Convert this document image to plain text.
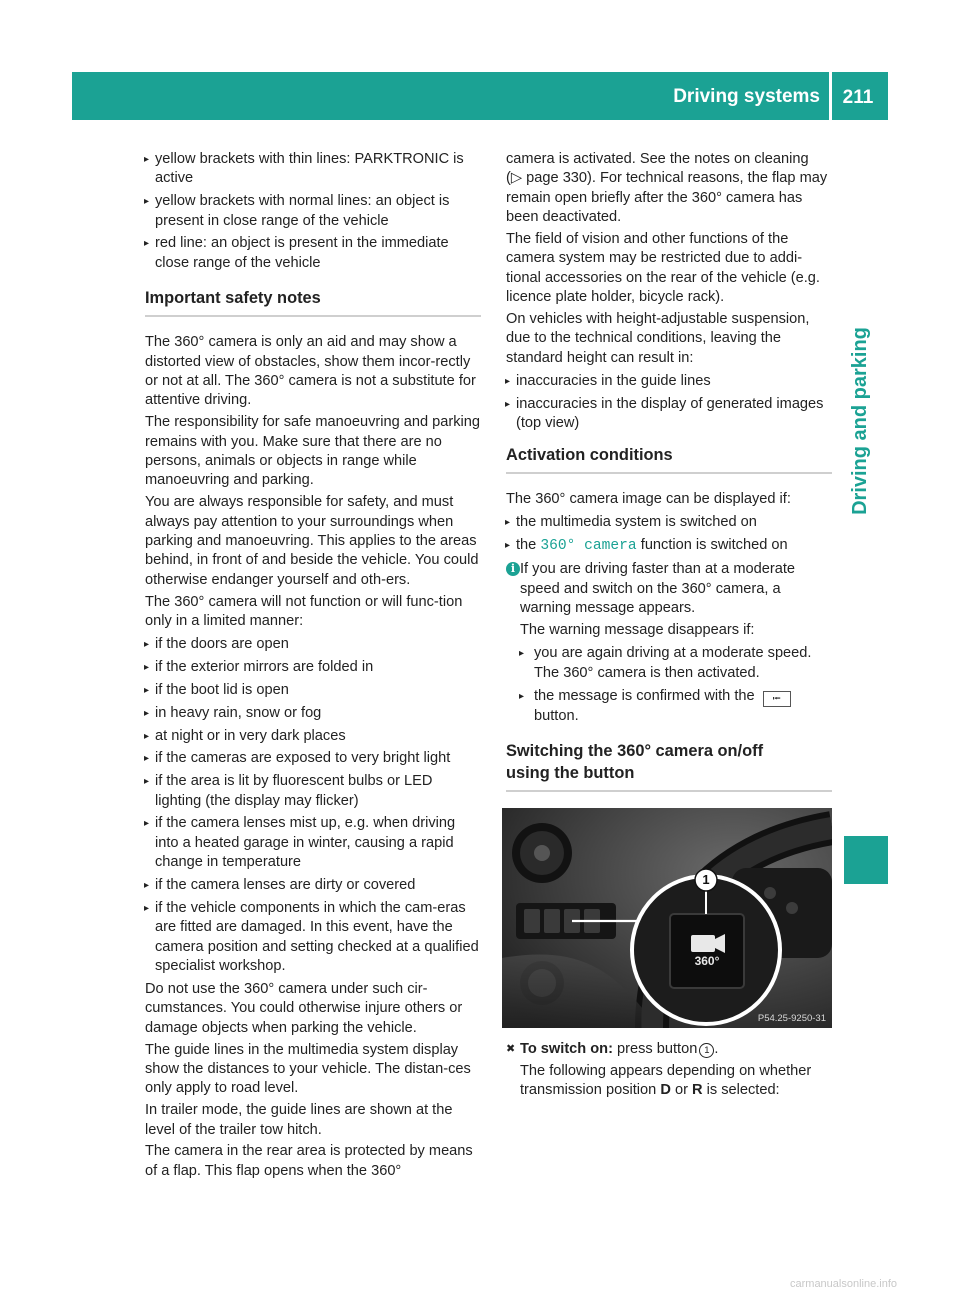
Driving systems	211
Driving and parking

▸ yellow brackets with thin lines: PARKTRONIC is active

▸ yellow brackets with normal lines: an object is present in close range of the vehicle

▸ red line: an object is present in the immediate close range of the vehicle

Important safety notes

The 360° camera is only an aid and may show a distorted view of obstacles, show them incor-rectly or not at all. The 360° camera is not a substitute for attentive driving.

The responsibility for safe manoeuvring and parking remains with you. Make sure that there are no persons, animals or objects in range while manoeuvring and parking.

You are always responsible for safety, and must always pay attention to your surroundings when parking and manoeuvring. This applies to the areas behind, in front of and beside the vehicle. You could otherwise endanger yourself and oth-ers.

The 360° camera will not function or will func-tion only in a limited manner:

▸ if the doors are open

▸ if the exterior mirrors are folded in

▸ if the boot lid is open

▸ in heavy rain, snow or fog

▸ at night or in very dark places

▸ if the cameras are exposed to very bright light

▸ if the area is lit by fluorescent bulbs or LED lighting (the display may flicker)

▸ if the camera lenses mist up, e.g. when driving into a heated garage in winter, causing a rapid change in temperature

▸ if the camera lenses are dirty or covered

▸ if the vehicle components in which the cam-eras are fitted are damaged. In this event, have the camera position and setting checked at a qualified specialist workshop.

Do not use the 360° camera under such cir-cumstances. You could otherwise injure others or damage objects when parking the vehicle.

The guide lines in the multimedia system display show the distances to your vehicle. The distan-ces only apply to road level.

In trailer mode, the guide lines are shown at the level of the trailer tow hitch.

The camera in the rear area is protected by means of a flap. This flap opens when the 360°

camera is activated. See the notes on cleaning (▷ page 330). For technical reasons, the flap may remain open briefly after the 360° camera has been deactivated.

The field of vision and other functions of the camera system may be restricted due to addi-tional accessories on the rear of the vehicle (e.g. licence plate holder, bicycle rack).

On vehicles with height-adjustable suspension, due to the technical conditions, leaving the standard height can result in:

▸ inaccuracies in the guide lines

▸ inaccuracies in the display of generated images (top view)

Activation conditions

The 360° camera image can be displayed if:

▸ the multimedia system is switched on

▸ the 360° camera function is switched on

i If you are driving faster than at a moderate speed and switch on the 360° camera, a warning message appears.

The warning message disappears if:

▸ you are again driving at a moderate speed. The 360° camera is then activated.

▸ the message is confirmed with the ⭰ button.

Switching the 360° camera on/off using the button
1
360°
P54.25-9250-31
✖ To switch on: press button 1 .

The following appears depending on whether transmission position D or R is selected:

carmanualsonline.info
